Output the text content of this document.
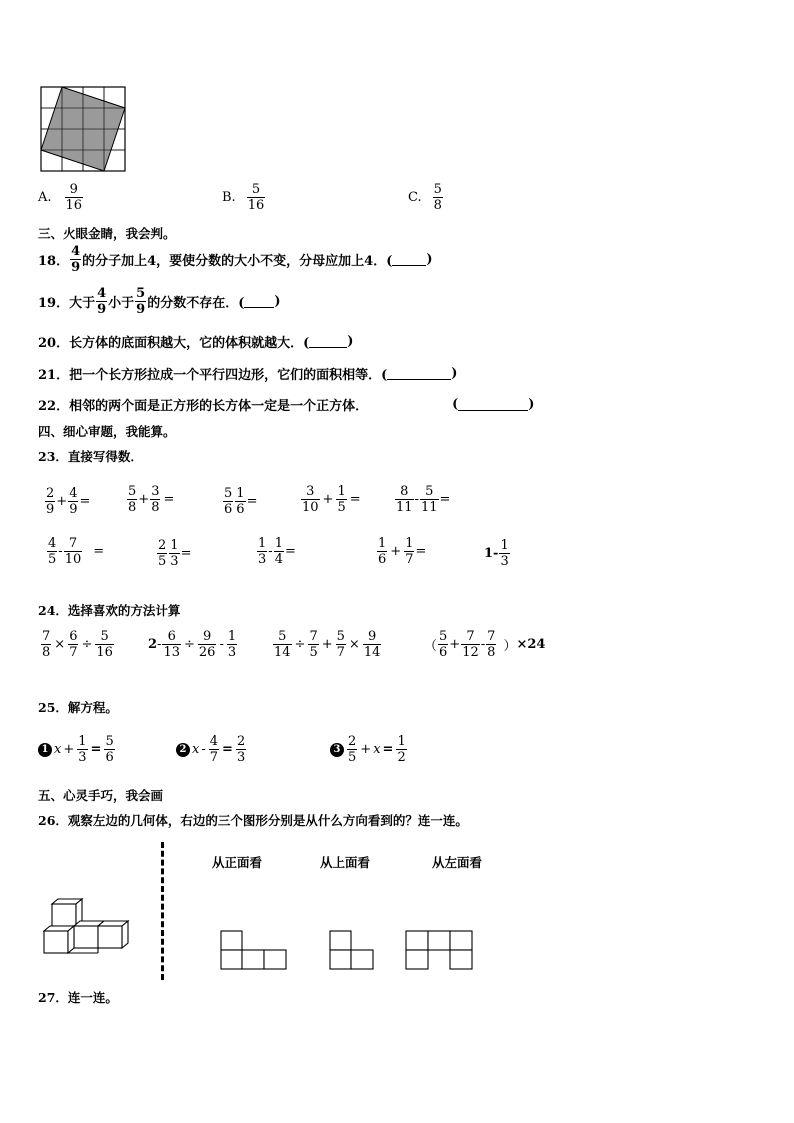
A. $\frac{9}{16}$	B. $\frac{5}{16}$	C. $\frac{5}{8}$
三、火眼金睛，我会判。
18． $\frac{4}{9}$ 的分子加上4，要使分数的大小不变，分母应加上4．(	)
19． 大于 $\frac{4}{9}$ 小于 $\frac{5}{9}$ 的分数不存在．( )
20．长方体的底面积越大，它的体积就越大．(	)
21．把一个长方形拉成一个平行四边形，它们的面积相等．(	)
22．相邻的两个面是正方形的长方体一定是一个正方体．	(	)
四、细心审题，我能算。
23．直接写得数．
$\frac{2}{9} + \frac{4}{9}$ =	$\frac{5}{8} + \frac{3}{8}$ =	$\frac{5}{6} \frac{1}{6}$ =	$\frac{3}{10} + \frac{1}{5}$ =	$\frac{8}{11} - \frac{5}{11}$ =
$\frac{4}{5} - \frac{7}{10}$ =	$\frac{2}{5} \frac{1}{3}$ =	$\frac{1}{3} - \frac{1}{4}$ =	$\frac{1}{6} + \frac{1}{7}$ =	$1 - \frac{1}{3}$
24．选择喜欢的方法计算
$\frac{7}{8} \times \frac{6}{7} \div \frac{5}{16}$	$2 - \frac{6}{13} \div \frac{9}{26} - \frac{1}{3}$	$\frac{5}{14} \div \frac{7}{5} + \frac{5}{7} \times \frac{9}{14}$	（ $\frac{5}{6} + \frac{7}{12} - \frac{7}{8}$ ） ×24
25．解方程。
1 $x + \frac{1}{3} = \frac{5}{6}$	2 $x - \frac{4}{7} = \frac{2}{3}$	$3 \frac{2}{5} + x = \frac{1}{2}$
五、心灵手巧，我会画
26．观察左边的几何体，右边的三个图形分别是从什么方向看到的？连一连。
从正面看	从上面看	从左面看
27．连一连。
